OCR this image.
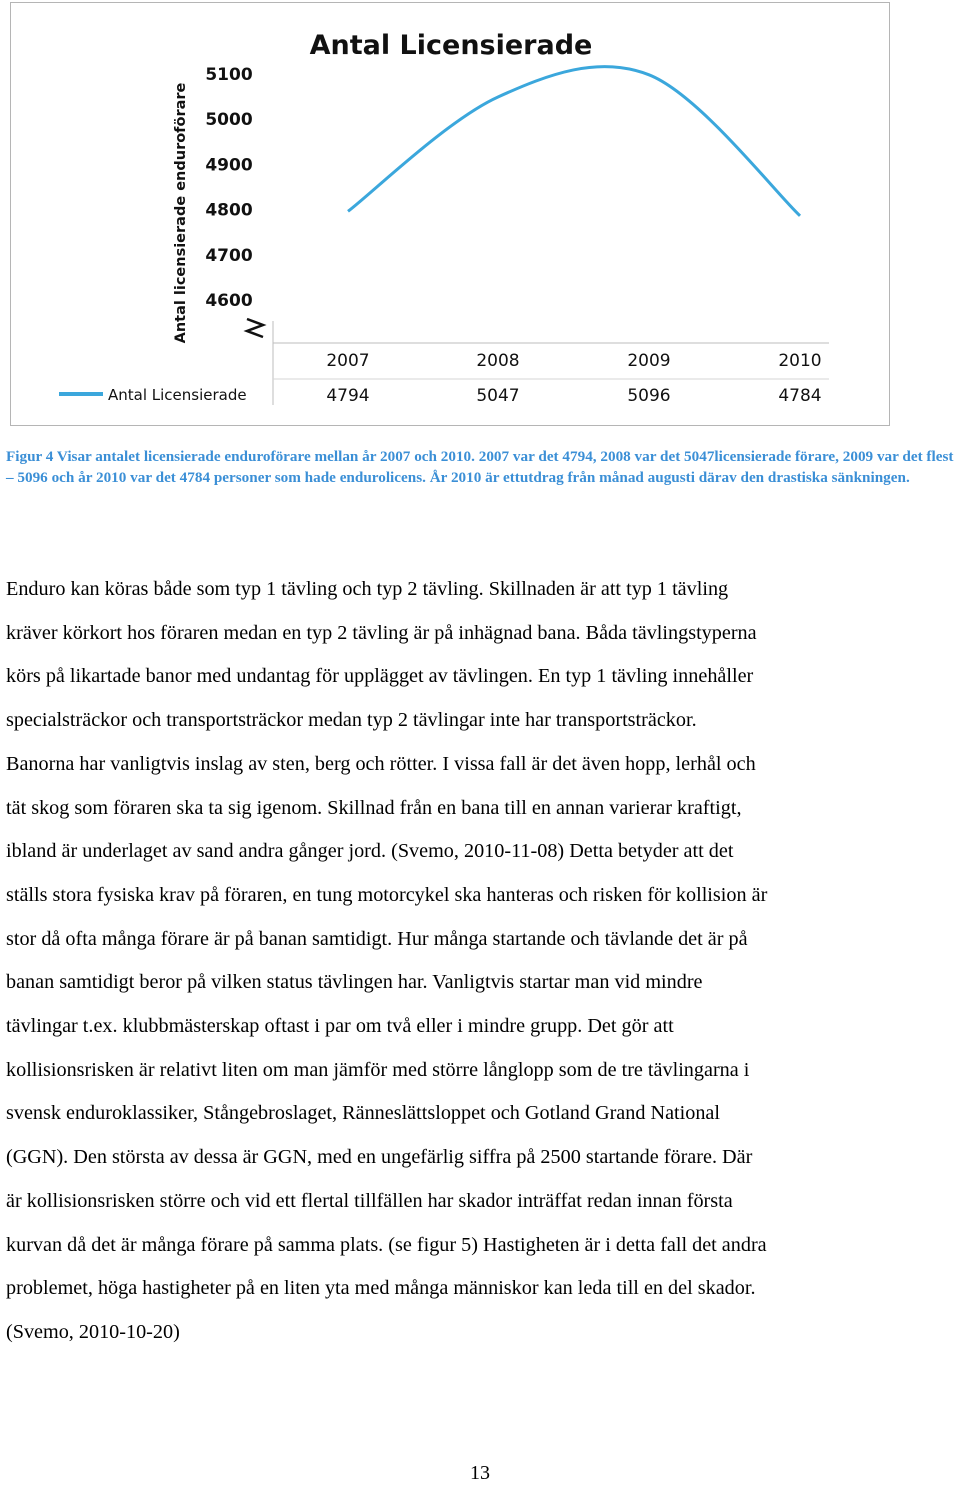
Antal Licensierade
Antal licensierade enduroförare
5100
5000
4900
4800
4700
4600
2007	2008	2009	2010
4794	5047	5096	4784
Antal Licensierade
Figur 4 Visar antalet licensierade enduroförare mellan år 2007 och 2010. 2007 var det 4794, 2008 var det 5047licensierade förare, 2009 var det flest – 5096 och år 2010 var det 4784 personer som hade endurolicens. År 2010 är ettutdrag från månad augusti därav den drastiska sänkningen.
Enduro kan köras både som typ 1 tävling och typ 2 tävling. Skillnaden är att typ 1 tävling
kräver körkort hos föraren medan en typ 2 tävling är på inhägnad bana. Båda tävlingstyperna
körs på likartade banor med undantag för upplägget av tävlingen. En typ 1 tävling innehåller
specialsträckor och transportsträckor medan typ 2 tävlingar inte har transportsträckor.
Banorna har vanligtvis inslag av sten, berg och rötter. I vissa fall är det även hopp, lerhål och
tät skog som föraren ska ta sig igenom. Skillnad från en bana till en annan varierar kraftigt,
ibland är underlaget av sand andra gånger jord. (Svemo, 2010-11-08) Detta betyder att det
ställs stora fysiska krav på föraren, en tung motorcykel ska hanteras och risken för kollision är
stor då ofta många förare är på banan samtidigt. Hur många startande och tävlande det är på
banan samtidigt beror på vilken status tävlingen har. Vanligtvis startar man vid mindre
tävlingar t.ex. klubbmästerskap oftast i par om två eller i mindre grupp. Det gör att
kollisionsrisken är relativt liten om man jämför med större långlopp som de tre tävlingarna i
svensk enduroklassiker, Stångebroslaget, Ränneslättsloppet och Gotland Grand National
(GGN). Den största av dessa är GGN, med en ungefärlig siffra på 2500 startande förare. Där
är kollisionsrisken större och vid ett flertal tillfällen har skador inträffat redan innan första
kurvan då det är många förare på samma plats. (se figur 5) Hastigheten är i detta fall det andra
problemet, höga hastigheter på en liten yta med många människor kan leda till en del skador.
(Svemo, 2010-10-20)
13
